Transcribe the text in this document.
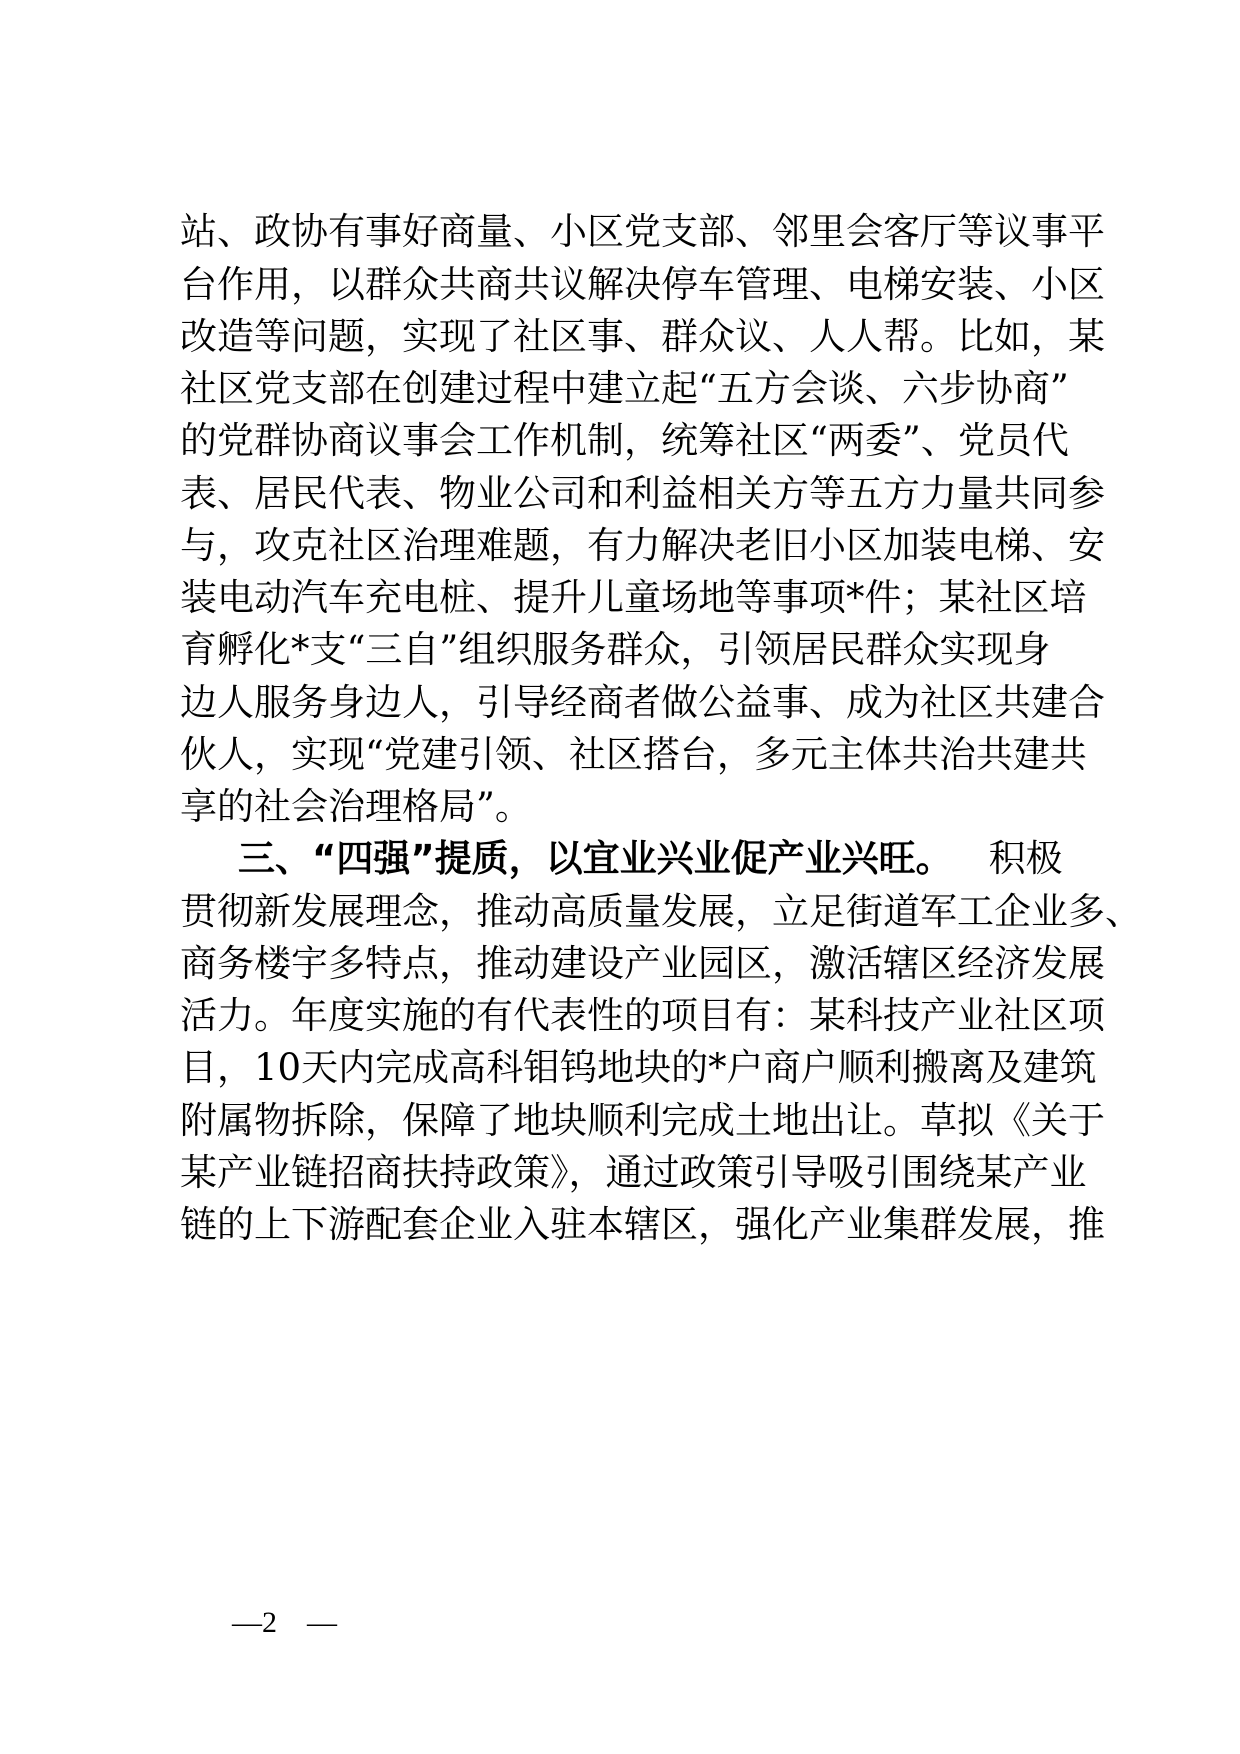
站、政协有事好商量、小区党支部、邻里会客厅等议事平
台作用，以群众共商共议解决停车管理、电梯安装、小区
改造等问题，实现了社区事、群众议、人人帮。比如，某
社区党支部在创建过程中建立起“五方会谈、六步协商”
的党群协商议事会工作机制，统筹社区“两委”、党员代
表、居民代表、物业公司和利益相关方等五方力量共同参
与，攻克社区治理难题，有力解决老旧小区加装电梯、安
装电动汽车充电桩、提升儿童场地等事项*件；某社区培
育孵化*支“三自”组织服务群众，引领居民群众实现身
边人服务身边人，引导经商者做公益事、成为社区共建合
伙人，实现“党建引领、社区搭台，多元主体共治共建共
享的社会治理格局”。
三、“四强”提质，以宜业兴业促产业兴旺。 积极
贯彻新发展理念，推动高质量发展，立足街道军工企业多、
商务楼宇多特点，推动建设产业园区，激活辖区经济发展
活力。年度实施的有代表性的项目有：某科技产业社区项
目，10天内完成高科钼钨地块的*户商户顺利搬离及建筑
附属物拆除，保障了地块顺利完成土地出让。草拟《关于
某产业链招商扶持政策》，通过政策引导吸引围绕某产业
链的上下游配套企业入驻本辖区，强化产业集群发展，推
—2　—
